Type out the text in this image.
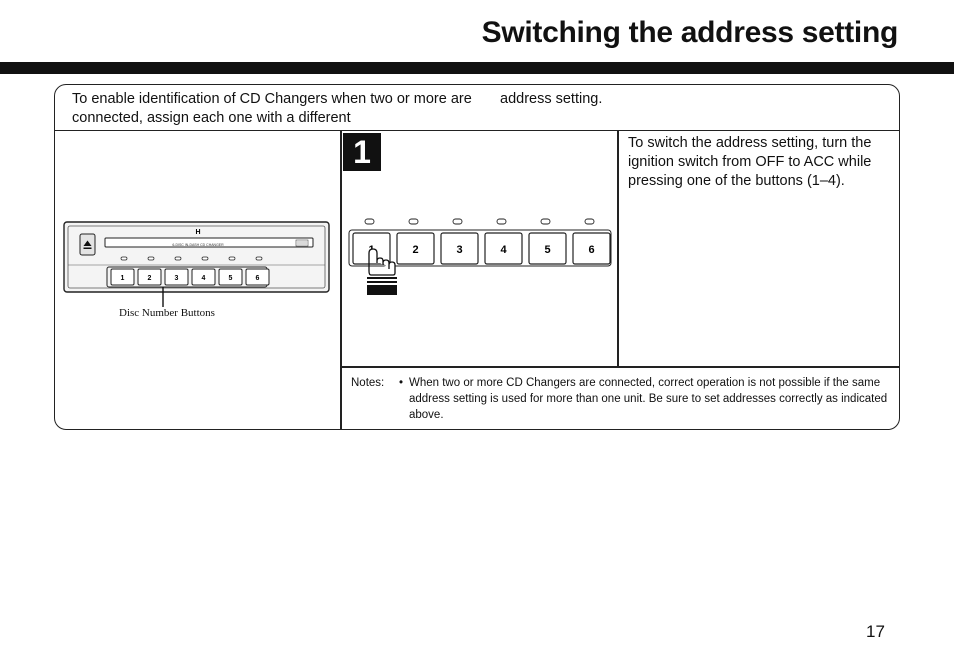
Switching the address setting
To enable identification of CD Changers when two or more are connected, assign each one with a different
address setting.
H
6-DISC IN-DASH CD CHANGER
1	2	3	4	5	6
Disc Number Buttons
1
2	3	4	5	6
To switch the address setting, turn the ignition switch from OFF to ACC while pressing one of the buttons (1–4).
Notes: • When two or more CD Changers are connected, correct operation is not possible if the same address setting is used for more than one unit. Be sure to set addresses correctly as indicated above.
17
